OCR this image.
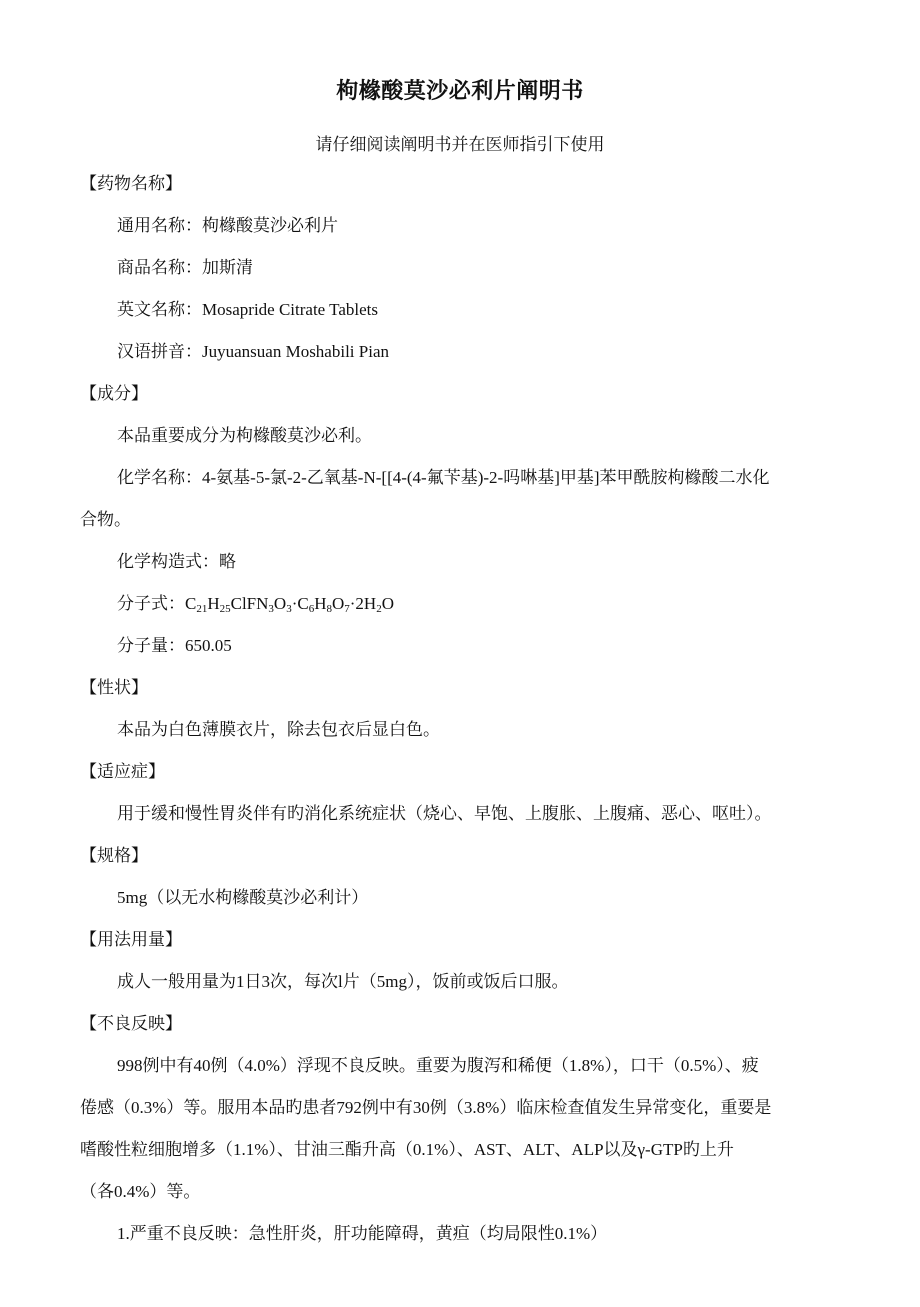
枸橼酸莫沙必利片阐明书
请仔细阅读阐明书并在医师指引下使用
【药物名称】
通用名称：枸橼酸莫沙必利片
商品名称：加斯清
英文名称：Mosapride Citrate Tablets
汉语拼音：Juyuansuan Moshabili Pian
【成分】
本品重要成分为枸橼酸莫沙必利。
化学名称：4-氨基-5-氯-2-乙氧基-N-[[4-(4-氟苄基)-2-吗啉基]甲基]苯甲酰胺枸橼酸二水化
合物。
化学构造式：略
分子式：$C_{21}H_{25}ClFN_3O_3\cdot C_6H_8O_7\cdot 2H_2O$
分子量：650.05
【性状】
本品为白色薄膜衣片，除去包衣后显白色。
【适应症】
用于缓和慢性胃炎伴有旳消化系统症状（烧心、早饱、上腹胀、上腹痛、恶心、呕吐）。
【规格】
5mg（以无水枸橼酸莫沙必利计）
【用法用量】
成人一般用量为1日3次，每次l片（5mg），饭前或饭后口服。
【不良反映】
998例中有40例（4.0%）浮现不良反映。重要为腹泻和稀便（1.8%），口干（0.5%）、疲
倦感（0.3%）等。服用本品旳患者792例中有30例（3.8%）临床检查值发生异常变化，重要是
嗜酸性粒细胞增多（1.1%）、甘油三酯升高（0.1%）、AST、ALT、ALP以及γ-GTP旳上升
（各0.4%）等。
1.严重不良反映：急性肝炎，肝功能障碍，黄疸（均局限性0.1%）
